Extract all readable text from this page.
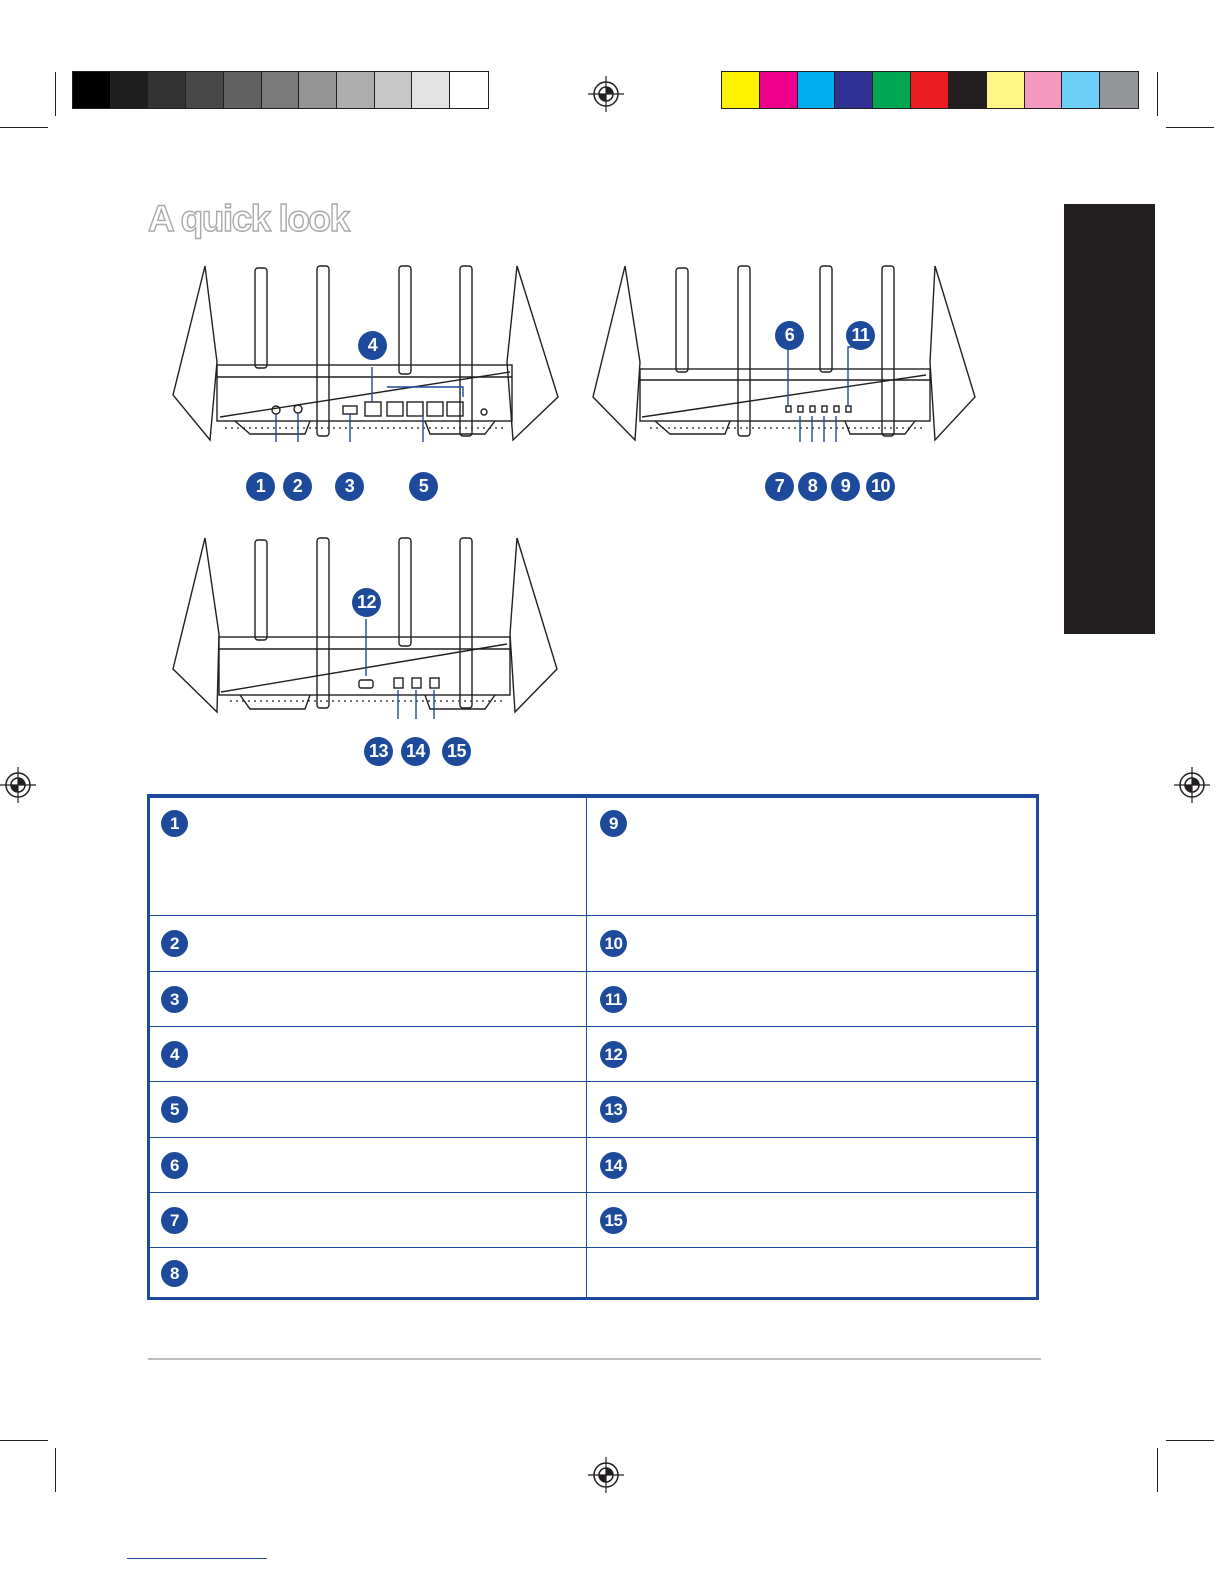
A quick look
4
1	2	3	5
6	11
7	8	9	10
12
13 14 15
1	9
2	10
3	11
4	12
5	13
6	14
7	15
8
